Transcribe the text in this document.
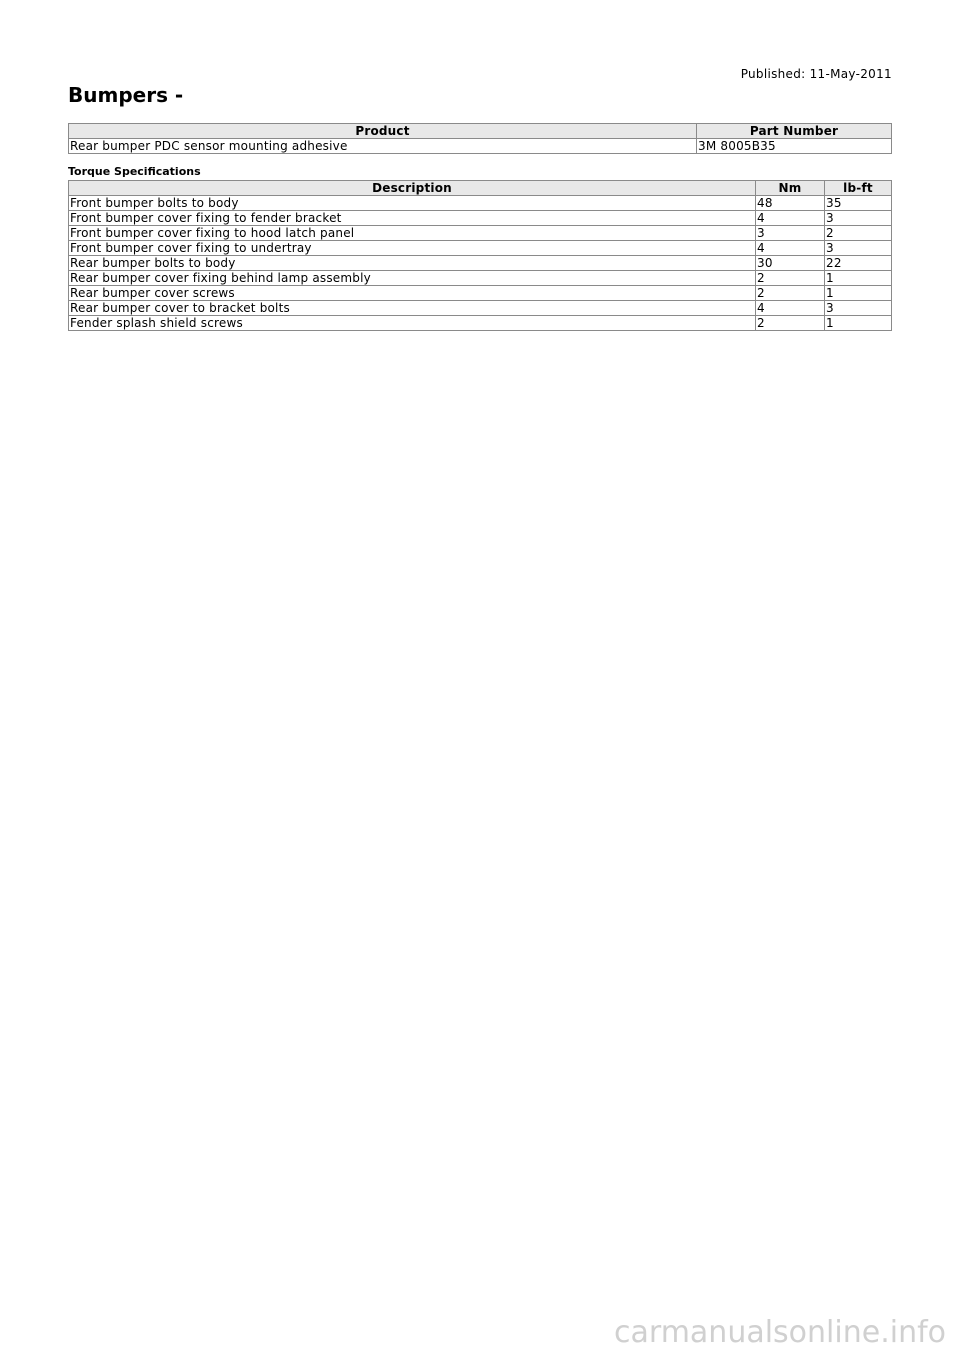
Published: 11-May-2011
Bumpers -
Product	Part Number
Rear bumper PDC sensor mounting adhesive	3M 8005B35
Torque Specifications
Description	Nm	lb-ft
Front bumper bolts to body	48	35
Front bumper cover fixing to fender bracket	4	3
Front bumper cover fixing to hood latch panel	3	2
Front bumper cover fixing to undertray	4	3
Rear bumper bolts to body	30	22
Rear bumper cover fixing behind lamp assembly	2	1
Rear bumper cover screws	2	1
Rear bumper cover to bracket bolts	4	3
Fender splash shield screws	2	1
carmanualsonline.info
